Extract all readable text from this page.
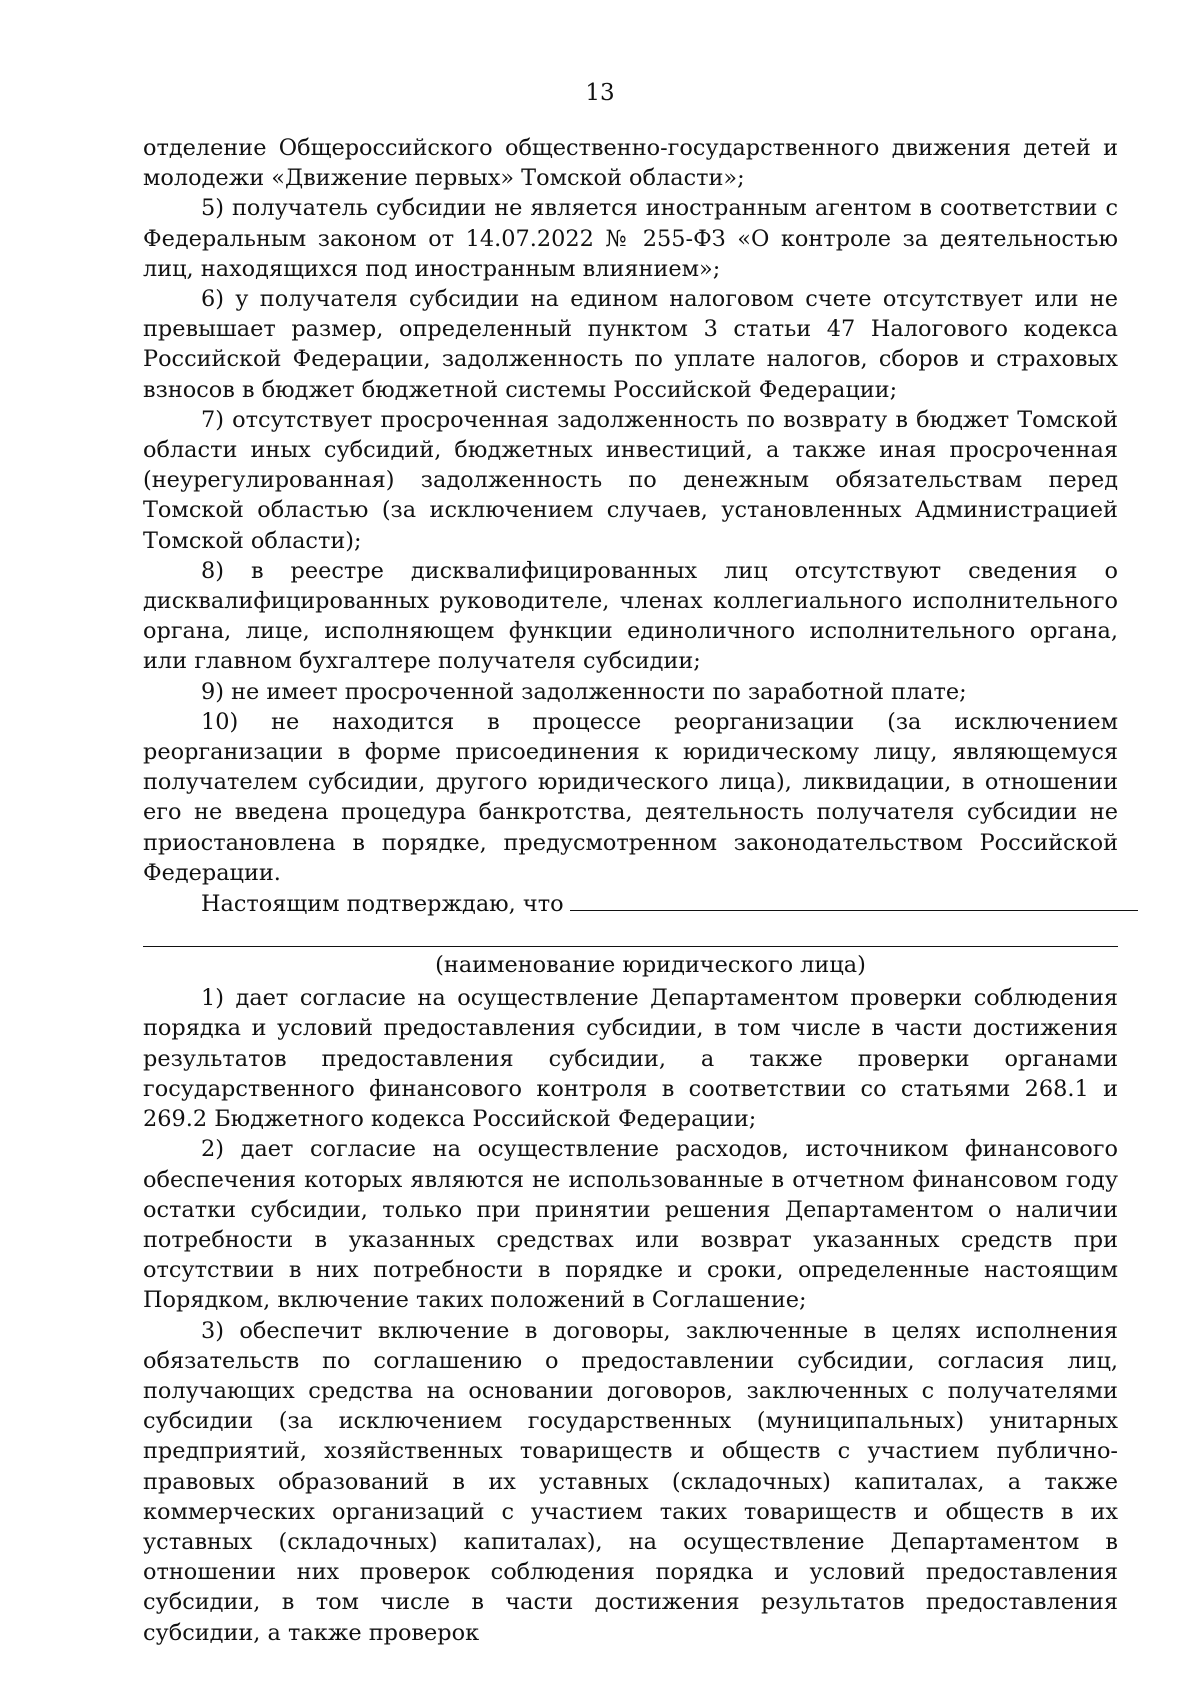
13

отделение Общероссийского общественно-государственного движения детей и молодежи «Движение первых» Томской области»;

5) получатель субсидии не является иностранным агентом в соответствии с Федеральным законом от 14.07.2022 № 255-ФЗ «О контроле за деятельностью лиц, находящихся под иностранным влиянием»;

6) у получателя субсидии на едином налоговом счете отсутствует или не превышает размер, определенный пунктом 3 статьи 47 Налогового кодекса Российской Федерации, задолженность по уплате налогов, сборов и страховых взносов в бюджет бюджетной системы Российской Федерации;

7) отсутствует просроченная задолженность по возврату в бюджет Томской области иных субсидий, бюджетных инвестиций, а также иная просроченная (неурегулированная) задолженность по денежным обязательствам перед Томской областью (за исключением случаев, установленных Администрацией Томской области);

8) в реестре дисквалифицированных лиц отсутствуют сведения о дисквалифицированных руководителе, членах коллегиального исполнительного органа, лице, исполняющем функции единоличного исполнительного органа, или главном бухгалтере получателя субсидии;

9) не имеет просроченной задолженности по заработной плате;

10) не находится в процессе реорганизации (за исключением реорганизации в форме присоединения к юридическому лицу, являющемуся получателем субсидии, другого юридического лица), ликвидации, в отношении его не введена процедура банкротства, деятельность получателя субсидии не приостановлена в порядке, предусмотренном законодательством Российской Федерации.

Настоящим подтверждаю, что

(наименование юридического лица)

1) дает согласие на осуществление Департаментом проверки соблюдения порядка и условий предоставления субсидии, в том числе в части достижения результатов предоставления субсидии, а также проверки органами государственного финансового контроля в соответствии со статьями 268.1 и 269.2 Бюджетного кодекса Российской Федерации;

2) дает согласие на осуществление расходов, источником финансового обеспечения которых являются не использованные в отчетном финансовом году остатки субсидии, только при принятии решения Департаментом о наличии потребности в указанных средствах или возврат указанных средств при отсутствии в них потребности в порядке и сроки, определенные настоящим Порядком, включение таких положений в Соглашение;

3) обеспечит включение в договоры, заключенные в целях исполнения обязательств по соглашению о предоставлении субсидии, согласия лиц, получающих средства на основании договоров, заключенных с получателями субсидии (за исключением государственных (муниципальных) унитарных предприятий, хозяйственных товариществ и обществ с участием публично-правовых образований в их уставных (складочных) капиталах, а также коммерческих организаций с участием таких товариществ и обществ в их уставных (складочных) капиталах), на осуществление Департаментом в отношении них проверок соблюдения порядка и условий предоставления субсидии, в том числе в части достижения результатов предоставления субсидии, а также проверок
